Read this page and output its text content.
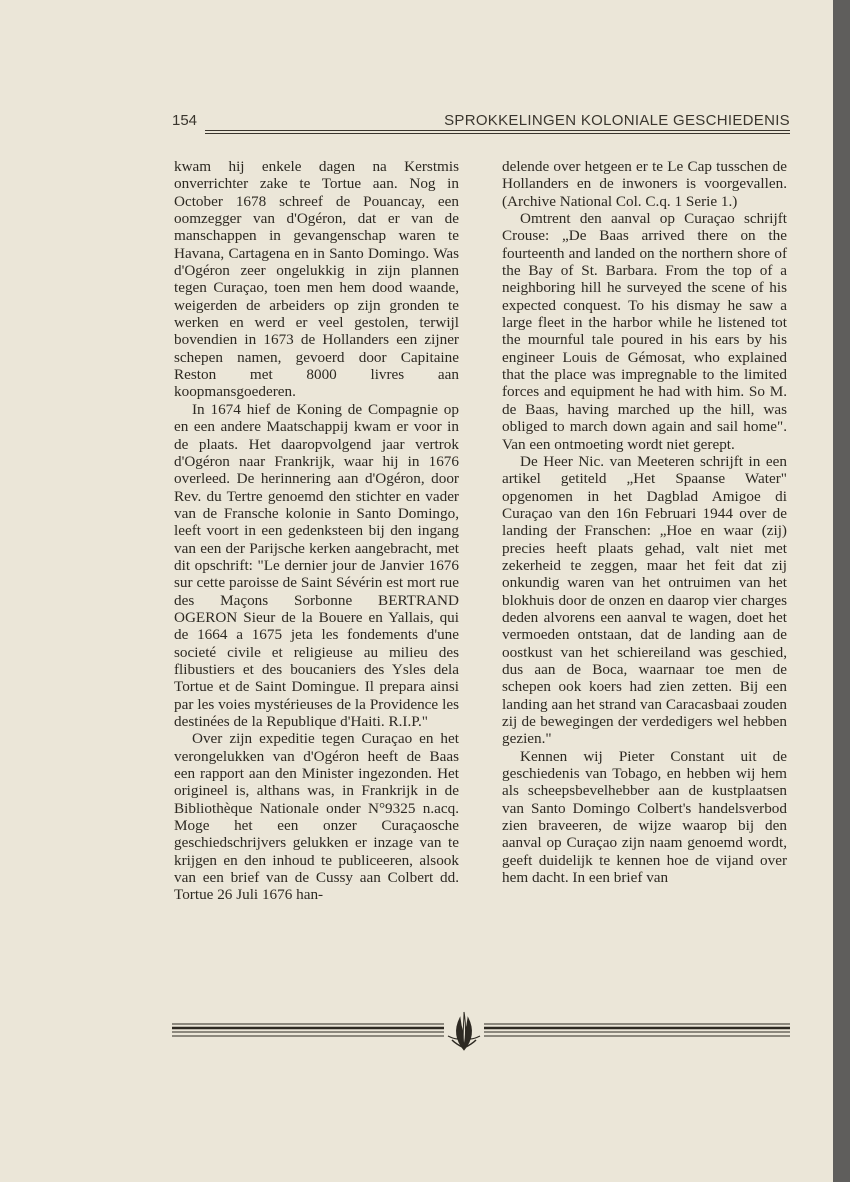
154	SPROKKELINGEN KOLONIALE GESCHIEDENIS

kwam hij enkele dagen na Kerstmis onverrichter zake te Tortue aan. Nog in October 1678 schreef de Pouancay, een oomzegger van d'Ogéron, dat er van de manschappen in gevangenschap waren te Havana, Cartagena en in Santo Domingo. Was d'Ogéron zeer ongelukkig in zijn plannen tegen Curaçao, toen men hem dood waande, weigerden de arbeiders op zijn gronden te werken en werd er veel gestolen, terwijl bovendien in 1673 de Hollanders een zijner schepen namen, gevoerd door Capitaine Reston met 8000 livres aan koopmansgoederen.

In 1674 hief de Koning de Compagnie op en een andere Maatschappij kwam er voor in de plaats. Het daaropvolgend jaar vertrok d'Ogéron naar Frankrijk, waar hij in 1676 overleed. De herinnering aan d'Ogéron, door Rev. du Tertre genoemd den stichter en vader van de Fransche kolonie in Santo Domingo, leeft voort in een gedenksteen bij den ingang van een der Parijsche kerken aangebracht, met dit opschrift: "Le dernier jour de Janvier 1676 sur cette paroisse de Saint Sévérin est mort rue des Maçons Sorbonne BERTRAND OGERON Sieur de la Bouere en Yallais, qui de 1664 a 1675 jeta les fondements d'une societé civile et religieuse au milieu des flibustiers et des boucaniers des Ysles dela Tortue et de Saint Domingue. Il prepara ainsi par les voies mystérieuses de la Providence les destinées de la Republique d'Haiti. R.I.P."

Over zijn expeditie tegen Curaçao en het verongelukken van d'Ogéron heeft de Baas een rapport aan den Minister ingezonden. Het origineel is, althans was, in Frankrijk in de Bibliothèque Nationale onder N°9325 n.acq. Moge het een onzer Curaçaosche geschiedschrijvers gelukken er inzage van te krijgen en den inhoud te publiceeren, alsook van een brief van de Cussy aan Colbert dd. Tortue 26 Juli 1676 han-

delende over hetgeen er te Le Cap tusschen de Hollanders en de inwoners is voorgevallen. (Archive National Col. C.q. 1 Serie 1.)

Omtrent den aanval op Curaçao schrijft Crouse: „De Baas arrived there on the fourteenth and landed on the northern shore of the Bay of St. Barbara. From the top of a neighboring hill he surveyed the scene of his expected conquest. To his dismay he saw a large fleet in the harbor while he listened tot the mournful tale poured in his ears by his engineer Louis de Gémosat, who explained that the place was impregnable to the limited forces and equipment he had with him. So M. de Baas, having marched up the hill, was obliged to march down again and sail home". Van een ontmoeting wordt niet gerept.

De Heer Nic. van Meeteren schrijft in een artikel getiteld „Het Spaanse Water" opgenomen in het Dagblad Amigoe di Curaçao van den 16n Februari 1944 over de landing der Franschen: „Hoe en waar (zij) precies heeft plaats gehad, valt niet met zekerheid te zeggen, maar het feit dat zij onkundig waren van het ontruimen van het blokhuis door de onzen en daarop vier charges deden alvorens een aanval te wagen, doet het vermoeden ontstaan, dat de landing aan de oostkust van het schiereiland was geschied, dus aan de Boca, waarnaar toe men de schepen ook koers had zien zetten. Bij een landing aan het strand van Caracasbaai zouden zij de bewegingen der verdedigers wel hebben gezien."

Kennen wij Pieter Constant uit de geschiedenis van Tobago, en hebben wij hem als scheepsbevelhebber aan de kustplaatsen van Santo Domingo Colbert's handelsverbod zien braveeren, de wijze waarop bij den aanval op Curaçao zijn naam genoemd wordt, geeft duidelijk te kennen hoe de vijand over hem dacht. In een brief van
